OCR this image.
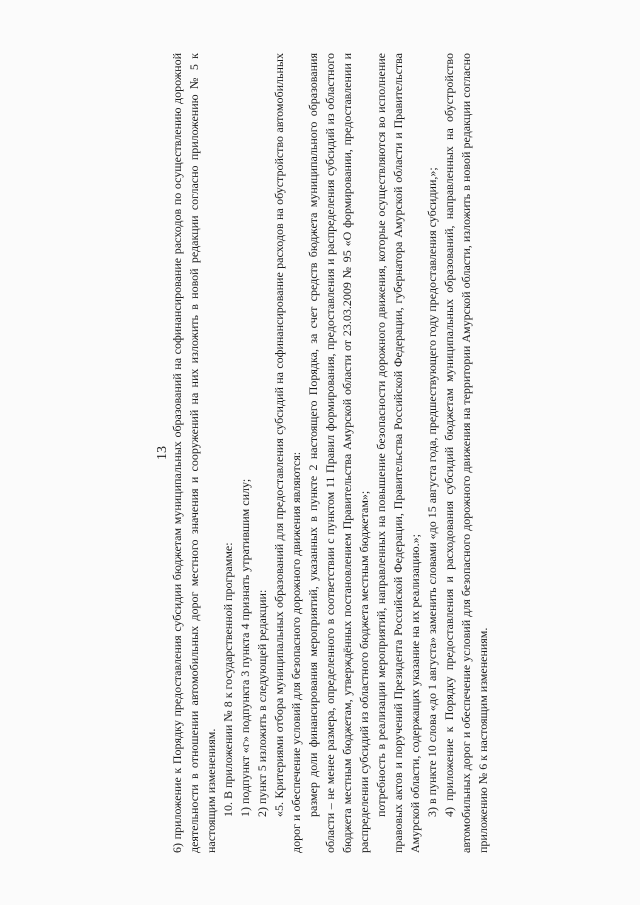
13 6) приложение к Порядку предоставления субсидии бюджетам муниципальных образований на софинансирование расходов по осуществлению дорожной деятельности в отношении автомобильных дорог местного значения и сооружений на них изложить в новой редакции согласно приложению № 5 к настоящим изменениям. 10. В приложении № 8 к государственной программе: 1) подпункт «г» подпункта 3 пункта 4 признать утратившим силу; 2) пункт 5 изложить в следующей редакции: «5. Критериями отбора муниципальных образований для предоставления субсидий на софинансирование расходов на обустройство автомобильных дорог и обеспечение условий для безопасного дорожного движения являются: размер доли финансирования мероприятий, указанных в пункте 2 настоящего Порядка, за счет средств бюджета муниципального образования области – не менее размера, определенного в соответствии с пунктом 11 Правил формирования, предоставления и распределения субсидий из областного бюджета местным бюджетам, утверждённых постановлением Правительства Амурской области от 23.03.2009 № 95 «О формировании, предоставлении и распределении субсидий из областного бюджета местным бюджетам»; потребность в реализации мероприятий, направленных на повышение безопасности дорожного движения, которые осуществляются во исполнение правовых актов и поручений Президента Российской Федерации, Правительства Российской Федерации, губернатора Амурской области и Правительства Амурской области, содержащих указание на их реализацию.»; 3) в пункте 10 слова «до 1 августа» заменить словами «до 15 августа года, предшествующего году предоставления субсидии,»; 4) приложение к Порядку предоставления и расходования субсидий бюджетам муниципальных образований, направленных на обустройство автомобильных дорог и обеспечение условий для безопасного дорожного движения на территории Амурской области, изложить в новой редакции согласно приложению № 6 к настоящим изменениям.
